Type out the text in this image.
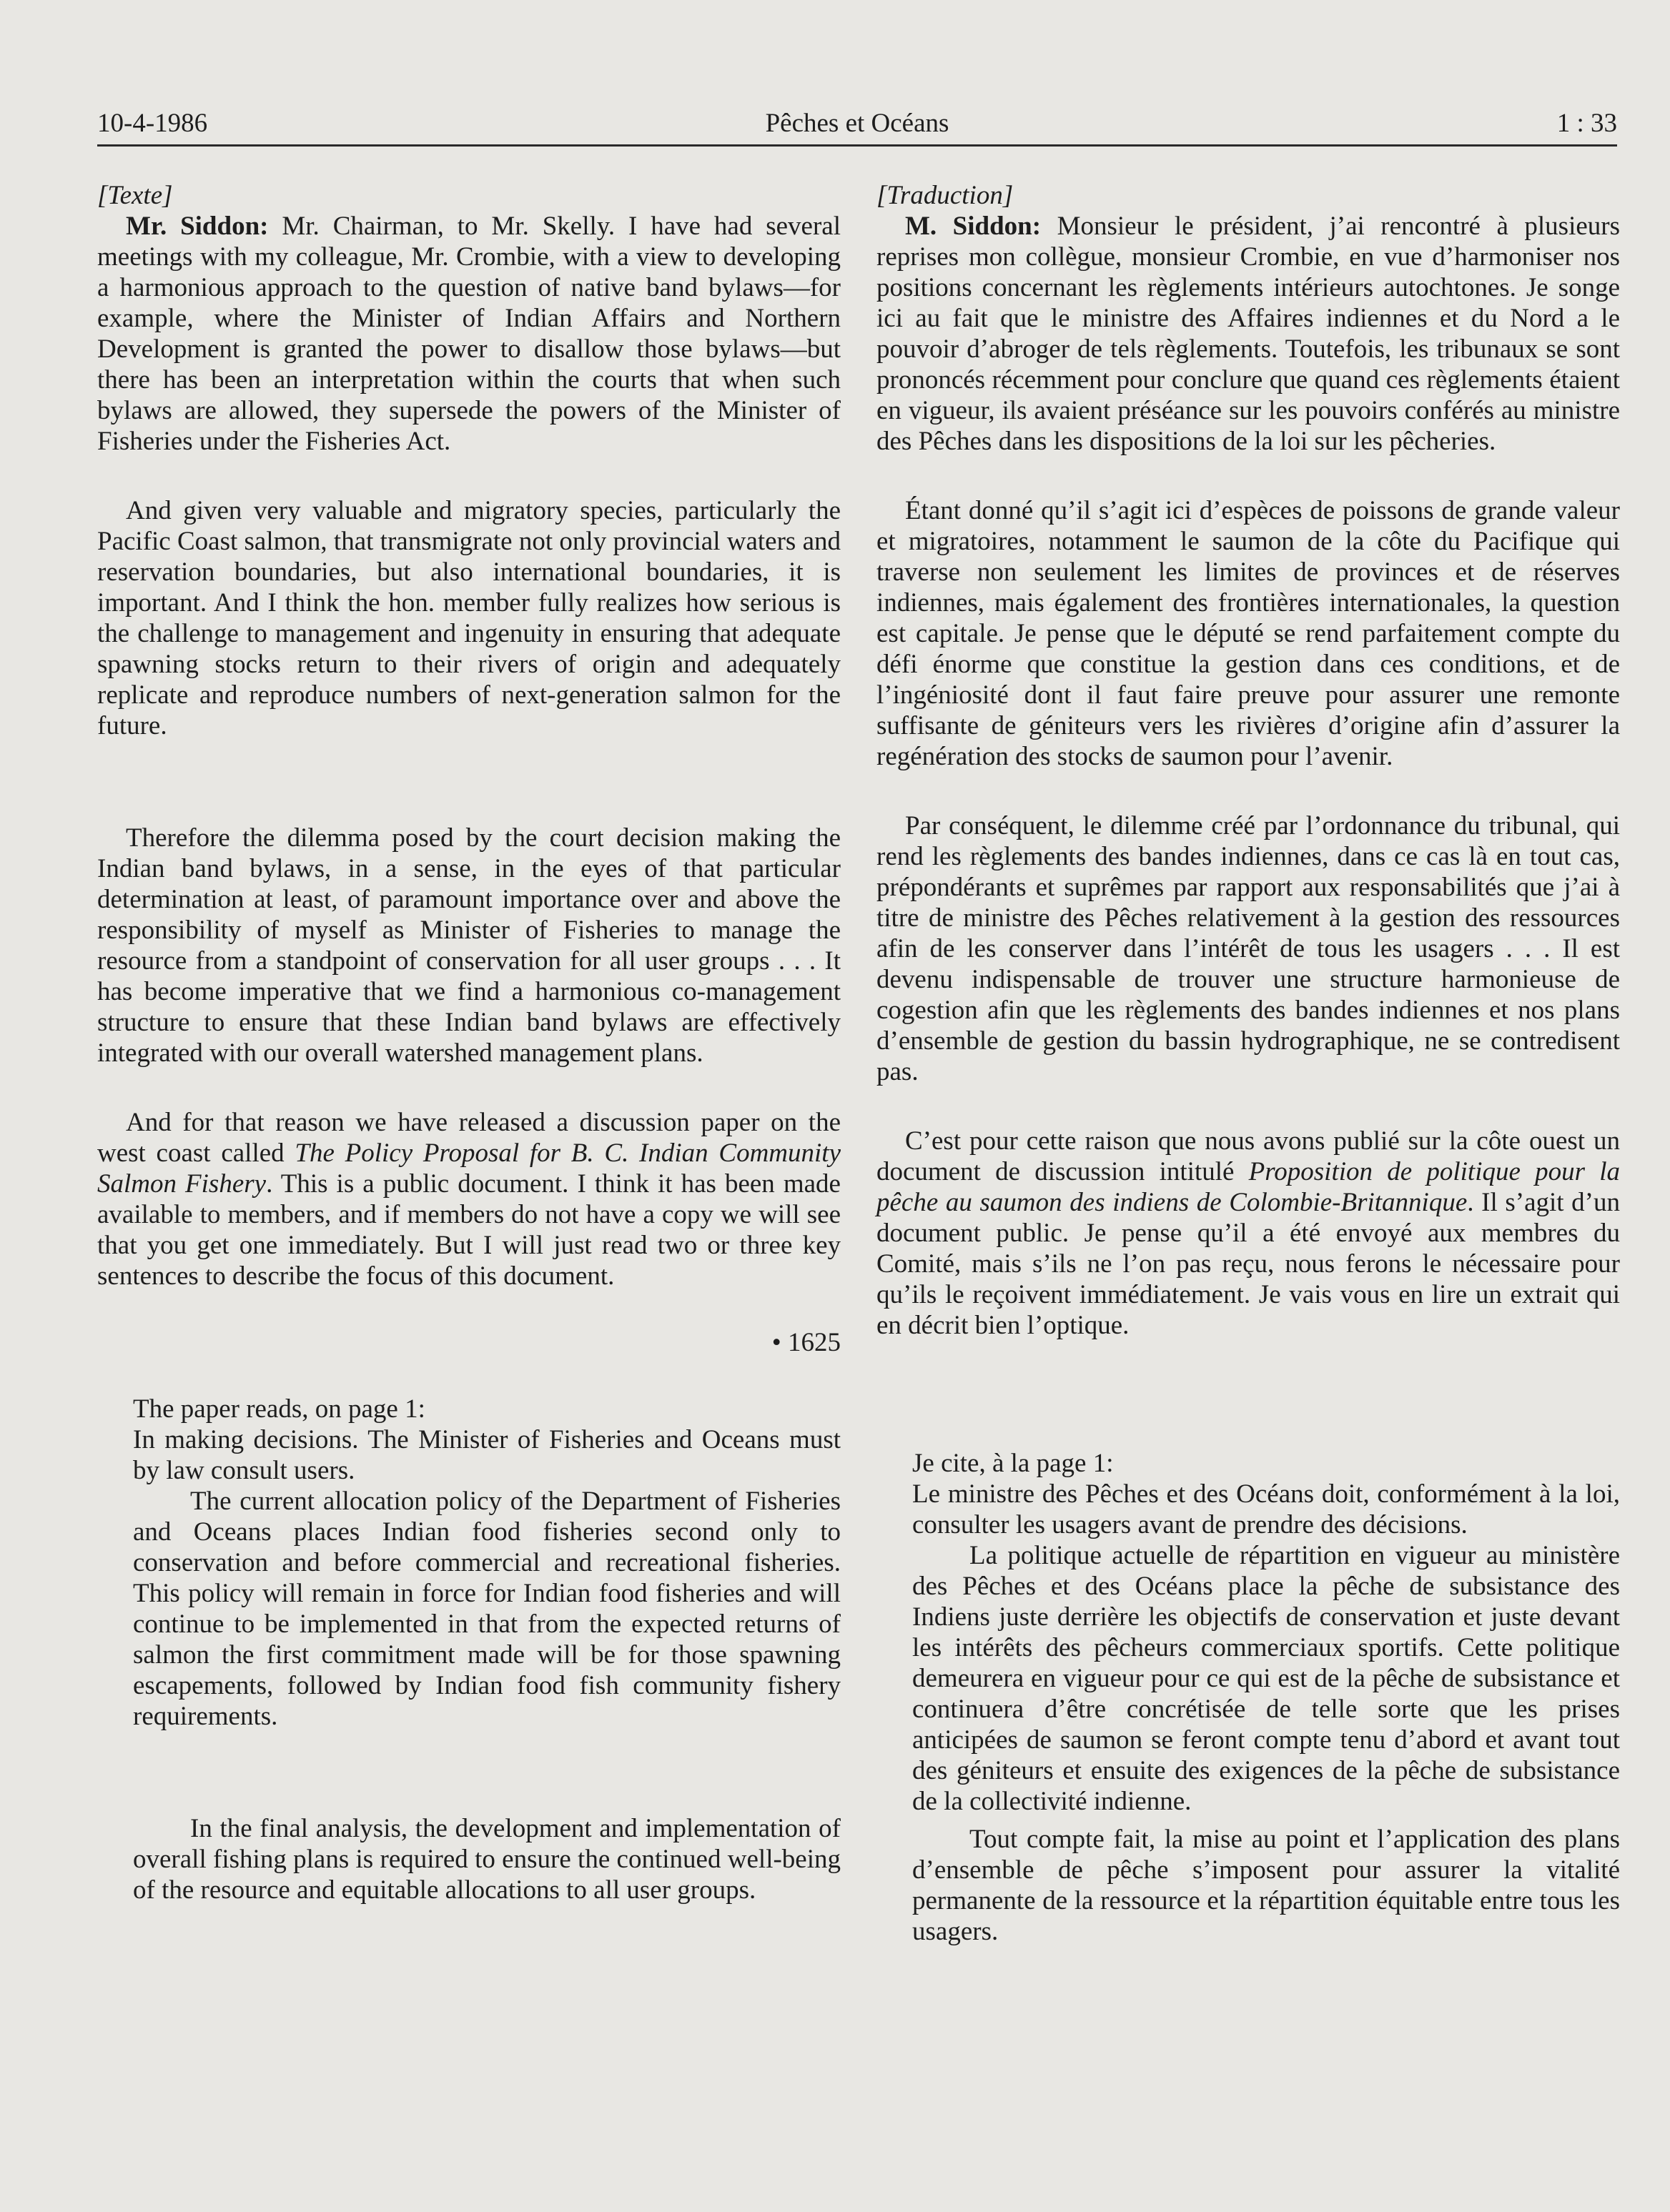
10-4-1986	Pêches et Océans	1 : 33

[Texte]

Mr. Siddon: Mr. Chairman, to Mr. Skelly. I have had several meetings with my colleague, Mr. Crombie, with a view to developing a harmonious approach to the question of native band bylaws—for example, where the Minister of Indian Affairs and Northern Development is granted the power to disallow those bylaws—but there has been an interpretation within the courts that when such bylaws are allowed, they supersede the powers of the Minister of Fisheries under the Fisheries Act.

And given very valuable and migratory species, particularly the Pacific Coast salmon, that transmigrate not only provincial waters and reservation boundaries, but also international boundaries, it is important. And I think the hon. member fully realizes how serious is the challenge to management and ingenuity in ensuring that adequate spawning stocks return to their rivers of origin and adequately replicate and reproduce numbers of next-generation salmon for the future.

Therefore the dilemma posed by the court decision making the Indian band bylaws, in a sense, in the eyes of that particular determination at least, of paramount importance over and above the responsibility of myself as Minister of Fisheries to manage the resource from a standpoint of conservation for all user groups . . . It has become imperative that we find a harmonious co-management structure to ensure that these Indian band bylaws are effectively integrated with our overall watershed management plans.

And for that reason we have released a discussion paper on the west coast called The Policy Proposal for B. C. Indian Community Salmon Fishery. This is a public document. I think it has been made available to members, and if members do not have a copy we will see that you get one immediately. But I will just read two or three key sentences to describe the focus of this document.

• 1625

The paper reads, on page 1:

In making decisions. The Minister of Fisheries and Oceans must by law consult users.

The current allocation policy of the Department of Fisheries and Oceans places Indian food fisheries second only to conservation and before commercial and recreational fisheries. This policy will remain in force for Indian food fisheries and will continue to be implemented in that from the expected returns of salmon the first commitment made will be for those spawning escapements, followed by Indian food fish community fishery requirements.

In the final analysis, the development and implementation of overall fishing plans is required to ensure the continued well-being of the resource and equitable allocations to all user groups.

[Traduction]

M. Siddon: Monsieur le président, j’ai rencontré à plusieurs reprises mon collègue, monsieur Crombie, en vue d’harmoniser nos positions concernant les règlements intérieurs autochtones. Je songe ici au fait que le ministre des Affaires indiennes et du Nord a le pouvoir d’abroger de tels règlements. Toutefois, les tribunaux se sont prononcés récemment pour conclure que quand ces règlements étaient en vigueur, ils avaient préséance sur les pouvoirs conférés au ministre des Pêches dans les dispositions de la loi sur les pêcheries.

Étant donné qu’il s’agit ici d’espèces de poissons de grande valeur et migratoires, notamment le saumon de la côte du Pacifique qui traverse non seulement les limites de provinces et de réserves indiennes, mais également des frontières internationales, la question est capitale. Je pense que le député se rend parfaitement compte du défi énorme que constitue la gestion dans ces conditions, et de l’ingéniosité dont il faut faire preuve pour assurer une remonte suffisante de géniteurs vers les rivières d’origine afin d’assurer la regénération des stocks de saumon pour l’avenir.

Par conséquent, le dilemme créé par l’ordonnance du tribunal, qui rend les règlements des bandes indiennes, dans ce cas là en tout cas, prépondérants et suprêmes par rapport aux responsabilités que j’ai à titre de ministre des Pêches relativement à la gestion des ressources afin de les conserver dans l’intérêt de tous les usagers . . . Il est devenu indispensable de trouver une structure harmonieuse de cogestion afin que les règlements des bandes indiennes et nos plans d’ensemble de gestion du bassin hydrographique, ne se contredisent pas.

C’est pour cette raison que nous avons publié sur la côte ouest un document de discussion intitulé Proposition de politique pour la pêche au saumon des indiens de Colombie-Britannique. Il s’agit d’un document public. Je pense qu’il a été envoyé aux membres du Comité, mais s’ils ne l’on pas reçu, nous ferons le nécessaire pour qu’ils le reçoivent immédiatement. Je vais vous en lire un extrait qui en décrit bien l’optique.

Je cite, à la page 1:

Le ministre des Pêches et des Océans doit, conformément à la loi, consulter les usagers avant de prendre des décisions.

La politique actuelle de répartition en vigueur au ministère des Pêches et des Océans place la pêche de subsistance des Indiens juste derrière les objectifs de conservation et juste devant les intérêts des pêcheurs commerciaux sportifs. Cette politique demeurera en vigueur pour ce qui est de la pêche de subsistance et continuera d’être concrétisée de telle sorte que les prises anticipées de saumon se feront compte tenu d’abord et avant tout des géniteurs et ensuite des exigences de la pêche de subsistance de la collectivité indienne.

Tout compte fait, la mise au point et l’application des plans d’ensemble de pêche s’imposent pour assurer la vitalité permanente de la ressource et la répartition équitable entre tous les usagers.
